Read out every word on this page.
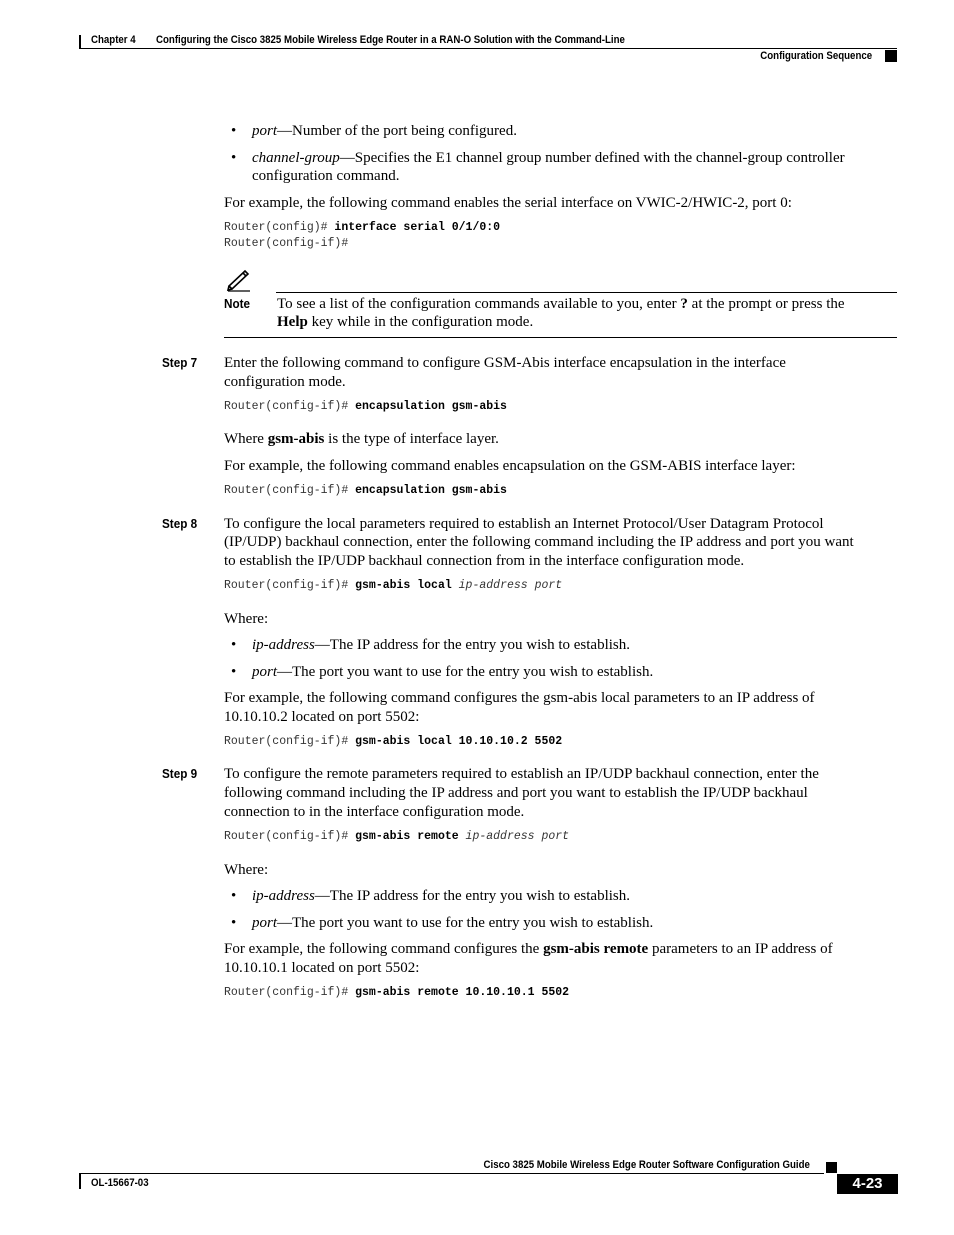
Chapter 4 Configuring the Cisco 3825 Mobile Wireless Edge Router in a RAN-O Solution with the Command-Line
Configuration Sequence
• port—Number of the port being configured.
• channel-group—Specifies the E1 channel group number defined with the channel-group controller
configuration command.
For example, the following command enables the serial interface on VWIC-2/HWIC-2, port 0:
Router(config)# interface serial 0/1/0:0
Router(config-if)#
Note To see a list of the configuration commands available to you, enter ? at the prompt or press the
Help key while in the configuration mode.
Step 7 Enter the following command to configure GSM-Abis interface encapsulation in the interface
configuration mode.
Router(config-if)# encapsulation gsm-abis
Where gsm-abis is the type of interface layer.
For example, the following command enables encapsulation on the GSM-ABIS interface layer:
Router(config-if)# encapsulation gsm-abis
Step 8 To configure the local parameters required to establish an Internet Protocol/User Datagram Protocol
(IP/UDP) backhaul connection, enter the following command including the IP address and port you want
to establish the IP/UDP backhaul connection from in the interface configuration mode.
Router(config-if)# gsm-abis local ip-address port
Where:
• ip-address—The IP address for the entry you wish to establish.
• port—The port you want to use for the entry you wish to establish.
For example, the following command configures the gsm-abis local parameters to an IP address of
10.10.10.2 located on port 5502:
Router(config-if)# gsm-abis local 10.10.10.2 5502
Step 9 To configure the remote parameters required to establish an IP/UDP backhaul connection, enter the
following command including the IP address and port you want to establish the IP/UDP backhaul
connection to in the interface configuration mode.
Router(config-if)# gsm-abis remote ip-address port
Where:
• ip-address—The IP address for the entry you wish to establish.
• port—The port you want to use for the entry you wish to establish.
For example, the following command configures the gsm-abis remote parameters to an IP address of
10.10.10.1 located on port 5502:
Router(config-if)# gsm-abis remote 10.10.10.1 5502
Cisco 3825 Mobile Wireless Edge Router Software Configuration Guide
OL-15667-03	4-23
